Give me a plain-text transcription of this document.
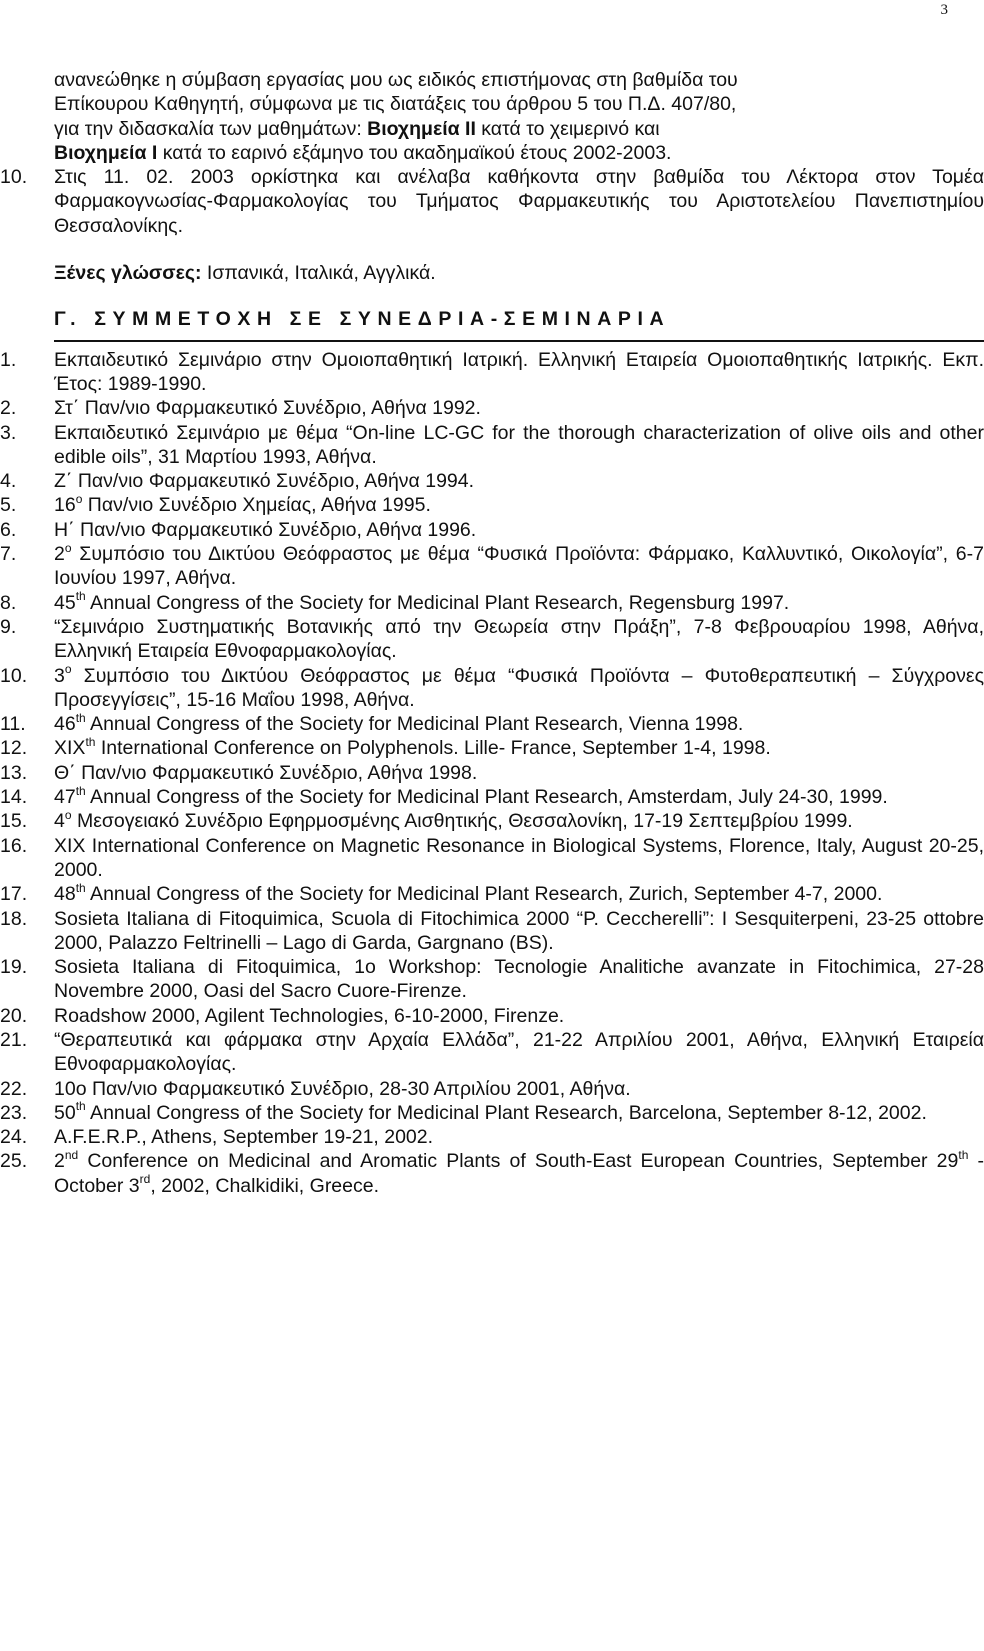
3

ανανεώθηκε η σύμβαση εργασίας μου ως ειδικός επιστήμονας στη βαθμίδα του

Επίκουρου Καθηγητή, σύμφωνα με τις διατάξεις του άρθρου 5 του Π.Δ. 407/80,

για την διδασκαλία των μαθημάτων: Βιοχημεία ΙΙ κατά το χειμερινό και

Βιοχημεία Ι κατά το εαρινό εξάμηνο του ακαδημαϊκού έτους 2002-2003.

10.	Στις 11. 02. 2003 ορκίστηκα και ανέλαβα καθήκοντα στην βαθμίδα του Λέκτορα στον Τομέα Φαρμακογνωσίας-Φαρμακολογίας του Τμήματος Φαρμακευτικής του Αριστοτελείου Πανεπιστημίου Θεσσαλονίκης.

Ξένες γλώσσες: Ισπανικά, Ιταλικά, Αγγλικά.

Γ. ΣΥΜΜΕΤΟΧΗ ΣΕ ΣΥΝΕΔΡΙΑ-ΣΕΜΙΝΑΡΙΑ
1.	Εκπαιδευτικό Σεμινάριο στην Ομοιοπαθητική Ιατρική. Ελληνική Εταιρεία Ομοιοπαθητικής Ιατρικής. Εκπ. Έτος: 1989-1990.
2.	Στ΄ Παν/νιο Φαρμακευτικό Συνέδριο, Αθήνα 1992.
3.	Εκπαιδευτικό Σεμινάριο με θέμα “On-line LC-GC for the thorough characterization of olive oils and other edible oils”, 31 Μαρτίου 1993, Αθήνα.
4.	Ζ΄ Παν/νιο Φαρμακευτικό Συνέδριο, Αθήνα 1994.
5.	$16^o$ Παν/νιο Συνέδριο Χημείας, Αθήνα 1995.
6.	Η΄ Παν/νιο Φαρμακευτικό Συνέδριο, Αθήνα 1996.
7.	$2^o$ Συμπόσιο του Δικτύου Θεόφραστος με θέμα “Φυσικά Προϊόντα: Φάρμακο, Καλλυντικό, Οικολογία”, 6-7 Ιουνίου 1997, Αθήνα.
8.	45th Annual Congress of the Society for Medicinal Plant Research, Regensburg 1997.
9.	“Σεμινάριο Συστηματικής Βοτανικής από την Θεωρεία στην Πράξη”, 7-8 Φεβρουαρίου 1998, Αθήνα, Ελληνική Εταιρεία Εθνοφαρμακολογίας.
10.	$3^o$ Συμπόσιο του Δικτύου Θεόφραστος με θέμα “Φυσικά Προϊόντα – Φυτοθεραπευτική – Σύγχρονες Προσεγγίσεις”, 15-16 Μαΐου 1998, Αθήνα.
11.	46th Annual Congress of the Society for Medicinal Plant Research, Vienna 1998.
12.	XIXth International Conference on Polyphenols. Lille- France, September 1-4, 1998.
13.	Θ΄ Παν/νιο Φαρμακευτικό Συνέδριο, Αθήνα 1998.
14.	47th Annual Congress of the Society for Medicinal Plant Research, Amsterdam, July 24-30, 1999.
15.	$4^o$ Μεσογειακό Συνέδριο Εφηρμοσμένης Αισθητικής, Θεσσαλονίκη, 17-19 Σεπτεμβρίου 1999.
16.	XIX International Conference on Magnetic Resonance in Biological Systems, Florence, Italy, August 20-25, 2000.
17.	48th Annual Congress of the Society for Medicinal Plant Research, Zurich, September 4-7, 2000.
18.	Sosieta Italiana di Fitoquimica, Scuola di Fitochimica 2000 “P. Ceccherelli”: I Sesquiterpeni, 23-25 ottobre 2000, Palazzo Feltrinelli – Lago di Garda, Gargnano (BS).
19.	Sosieta Italiana di Fitoquimica, 1o Workshop: Tecnologie Analitiche avanzate in Fitochimica, 27-28 Novembre 2000, Oasi del Sacro Cuore-Firenze.
20.	Roadshow 2000, Agilent Technologies, 6-10-2000, Firenze.
21.	“Θεραπευτικά και φάρμακα στην Αρχαία Ελλάδα”, 21-22 Απριλίου 2001, Αθήνα, Ελληνική Εταιρεία Εθνοφαρμακολογίας.
22.	10ο Παν/νιο Φαρμακευτικό Συνέδριο, 28-30 Απριλίου 2001, Αθήνα.
23.	50th Annual Congress of the Society for Medicinal Plant Research, Barcelona, September 8-12, 2002.
24.	A.F.E.R.P., Athens, September 19-21, 2002.
25.	2nd Conference on Medicinal and Aromatic Plants of South-East European Countries, September 29th - October 3rd, 2002, Chalkidiki, Greece.
